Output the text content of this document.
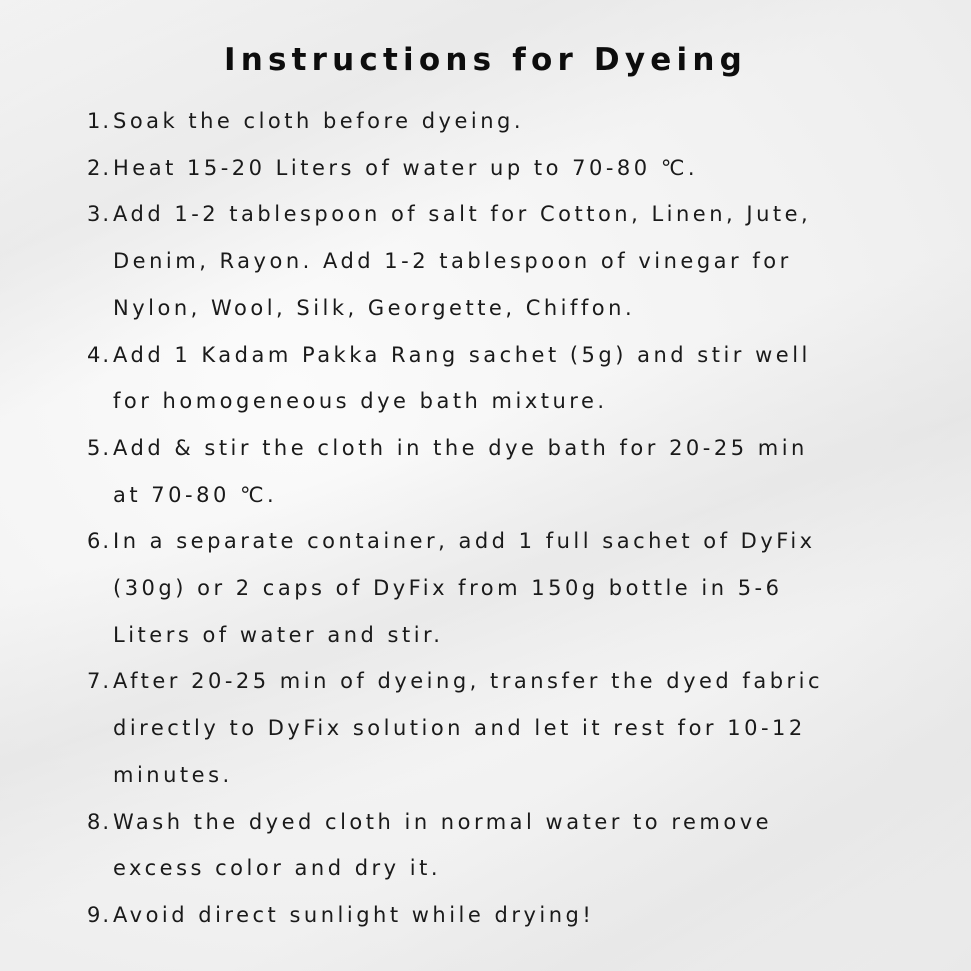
Instructions for Dyeing
1. Soak the cloth before dyeing.
2. Heat 15-20 Liters of water up to 70-80 ℃.
3. Add 1-2 tablespoon of salt for Cotton, Linen, Jute,
Denim, Rayon. Add 1-2 tablespoon of vinegar for
Nylon, Wool, Silk, Georgette, Chiffon.
4. Add 1 Kadam Pakka Rang sachet (5g) and stir well
for homogeneous dye bath mixture.
5. Add & stir the cloth in the dye bath for 20-25 min
at 70-80 ℃.
6. In a separate container, add 1 full sachet of DyFix
(30g) or 2 caps of DyFix from 150g bottle in 5-6
Liters of water and stir.
7. After 20-25 min of dyeing, transfer the dyed fabric
directly to DyFix solution and let it rest for 10-12
minutes.
8. Wash the dyed cloth in normal water to remove
excess color and dry it.
9. Avoid direct sunlight while drying!
